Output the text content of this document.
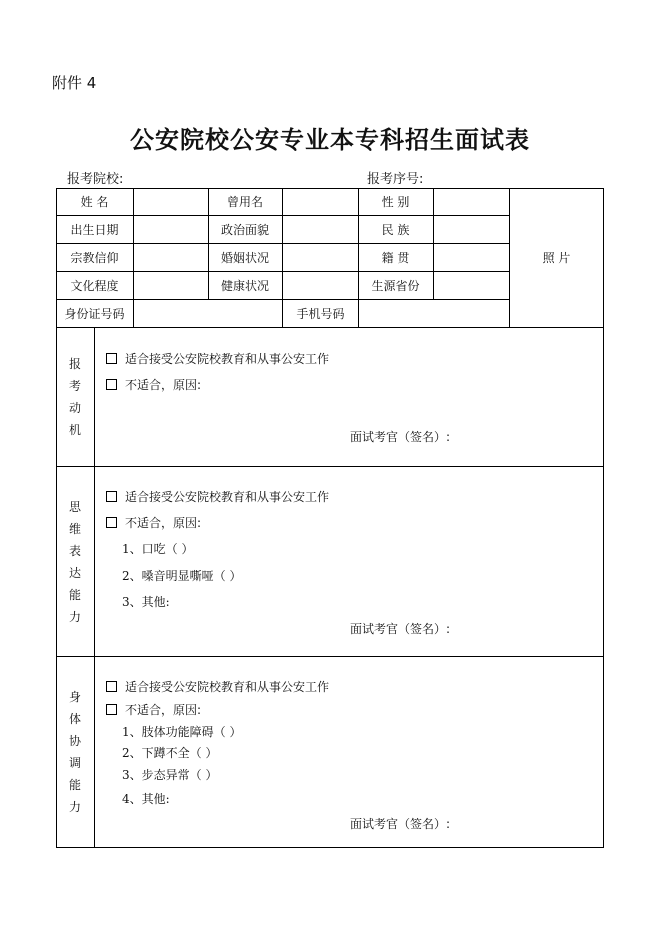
附件 4
公安院校公安专业本专科招生面试表
报考院校:	报考序号:
姓 名	曾用名	性 别
出生日期	政治面貌	民 族
宗教信仰	婚姻状况	籍 贯
文化程度	健康状况	生源省份
身份证号码	手机号码
照 片
报
考
动
机
适合接受公安院校教育和从事公安工作
不适合，原因:
面试考官（签名）:
思
维
表
达
能
力
适合接受公安院校教育和从事公安工作
不适合，原因:
1、口吃（ ）
2、嗓音明显嘶哑（ ）
3、其他:
面试考官（签名）:
身
体
协
调
能
力
适合接受公安院校教育和从事公安工作
不适合，原因:
1、肢体功能障碍（ ）
2、下蹲不全（ ）
3、步态异常（ ）
4、其他:
面试考官（签名）:
